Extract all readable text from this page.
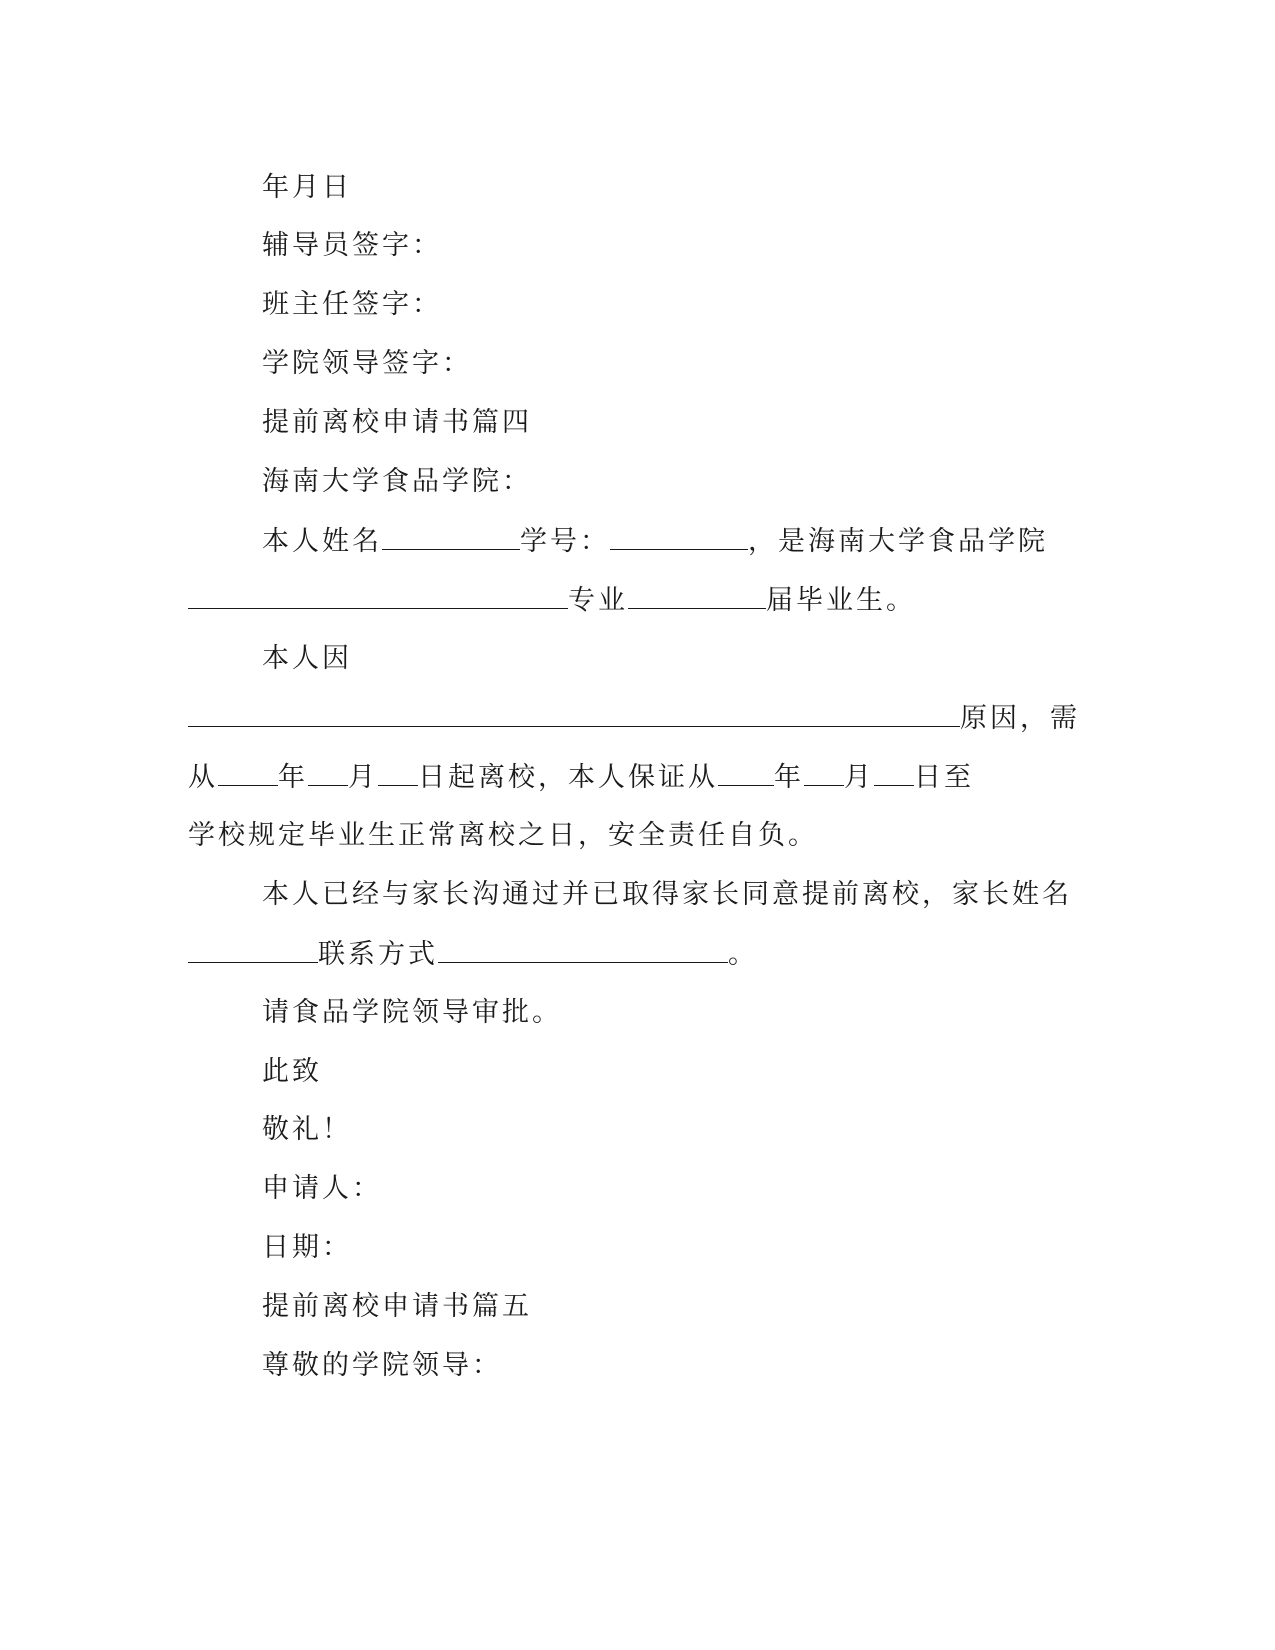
年月日

辅导员签字：

班主任签字：

学院领导签字：

提前离校申请书篇四

海南大学食品学院：

本人姓名	学号：	，是海南大学食品学院

专业	届毕业生。

本人因

原因，需

从 年 月 日起离校，本人保证从 年 月 日至

学校规定毕业生正常离校之日，安全责任自负。

本人已经与家长沟通过并已取得家长同意提前离校，家长姓名

联系方式	。

请食品学院领导审批。

此致

敬礼！

申请人：

日期：

提前离校申请书篇五

尊敬的学院领导：
